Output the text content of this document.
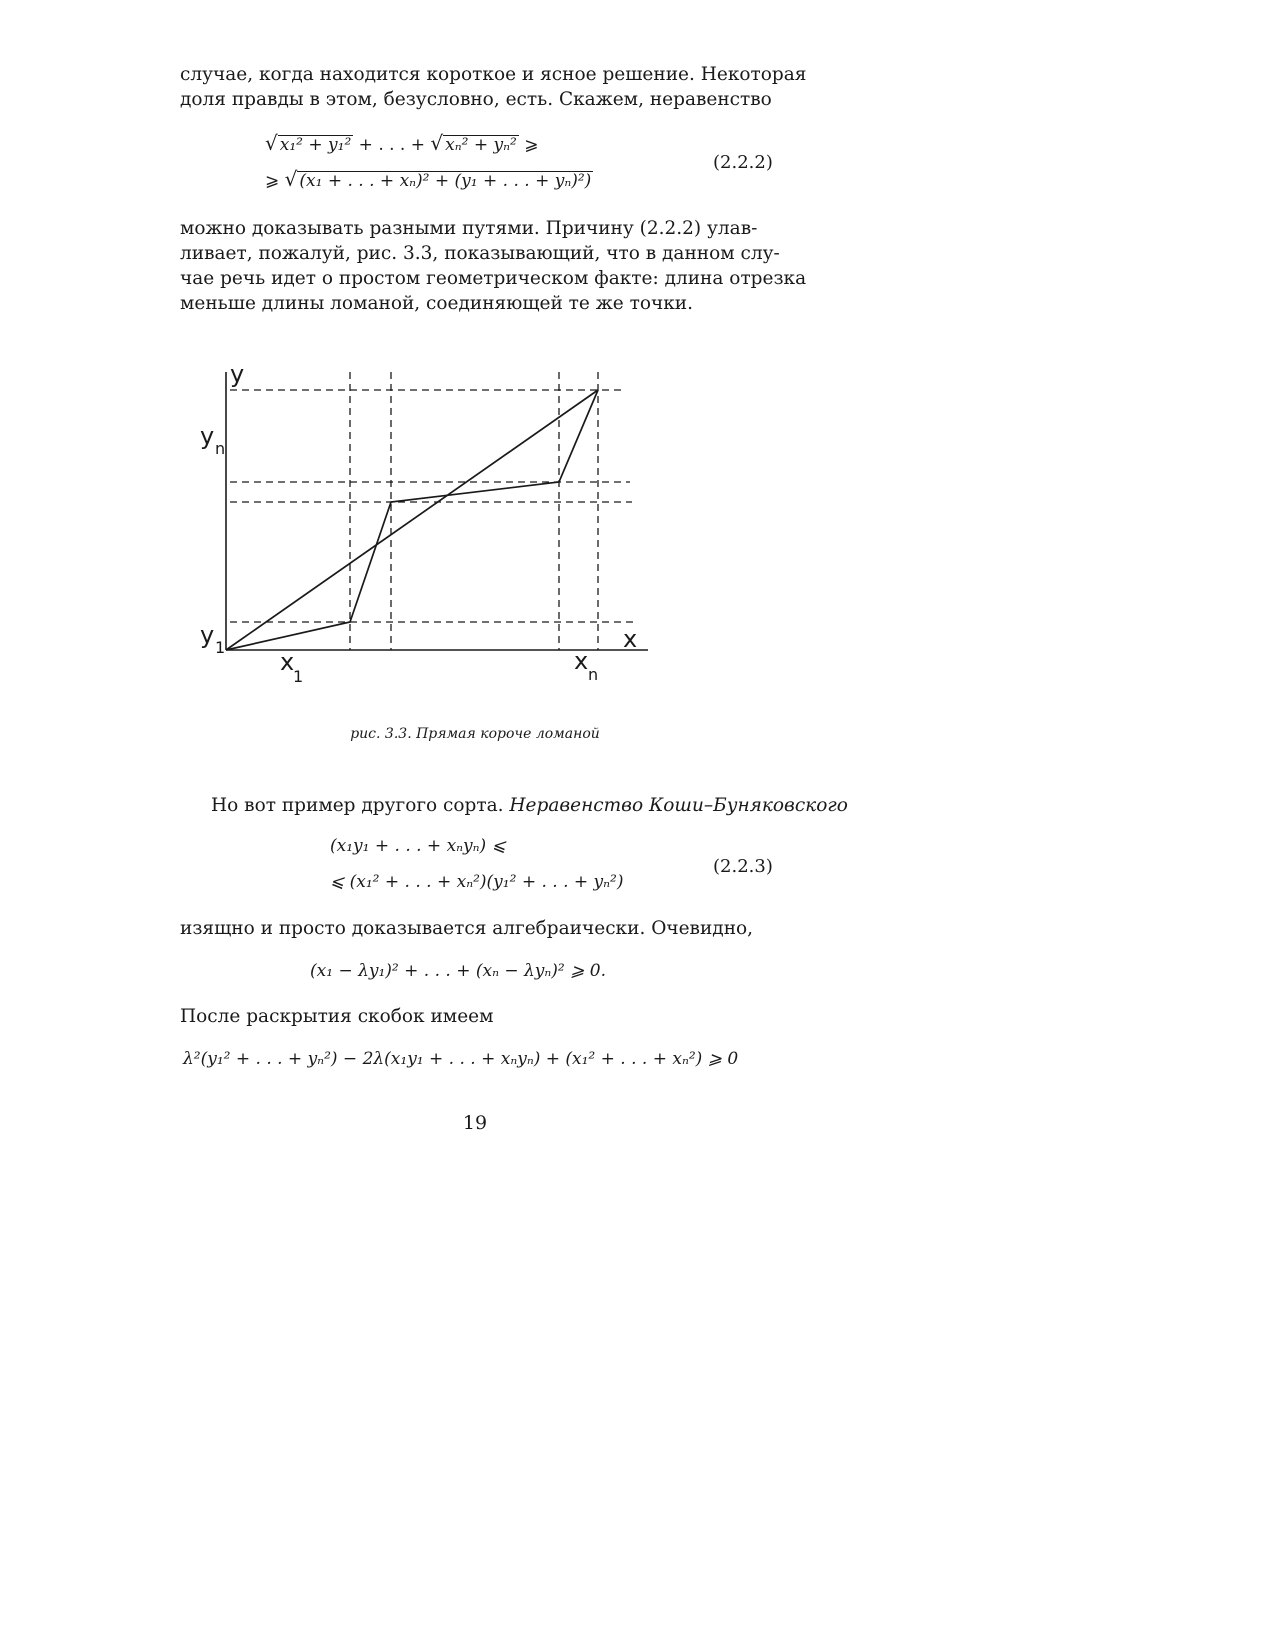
случае, когда находится короткое и ясное решение. Некоторая
доля правды в этом, безусловно, есть. Скажем, неравенство
√ x₁² + y₁² + . . . + √ xₙ² + yₙ² ⩾
⩾ √ (x₁ + . . . + xₙ)² + (y₁ + . . . + yₙ)²)
(2.2.2)
можно доказывать разными путями. Причину (2.2.2) улав-
ливает, пожалуй, рис. 3.3, показывающий, что в данном слу-
чае речь идет о простом геометрическом факте: длина отрезка
меньше длины ломаной, соединяющей те же точки.
y
x
y n
y 1
x
1
x n
рис. 3.3. Прямая короче ломаной
Но вот пример другого сорта. Неравенство Коши–Буняковского
(x₁y₁ + . . . + xₙyₙ) ⩽
⩽ (x₁² + . . . + xₙ²)(y₁² + . . . + yₙ²)
(2.2.3)
изящно и просто доказывается алгебраически. Очевидно,
(x₁ − λy₁)² + . . . + (xₙ − λyₙ)² ⩾ 0.
После раскрытия скобок имеем
λ²(y₁² + . . . + yₙ²) − 2λ(x₁y₁ + . . . + xₙyₙ) + (x₁² + . . . + xₙ²) ⩾ 0
19
